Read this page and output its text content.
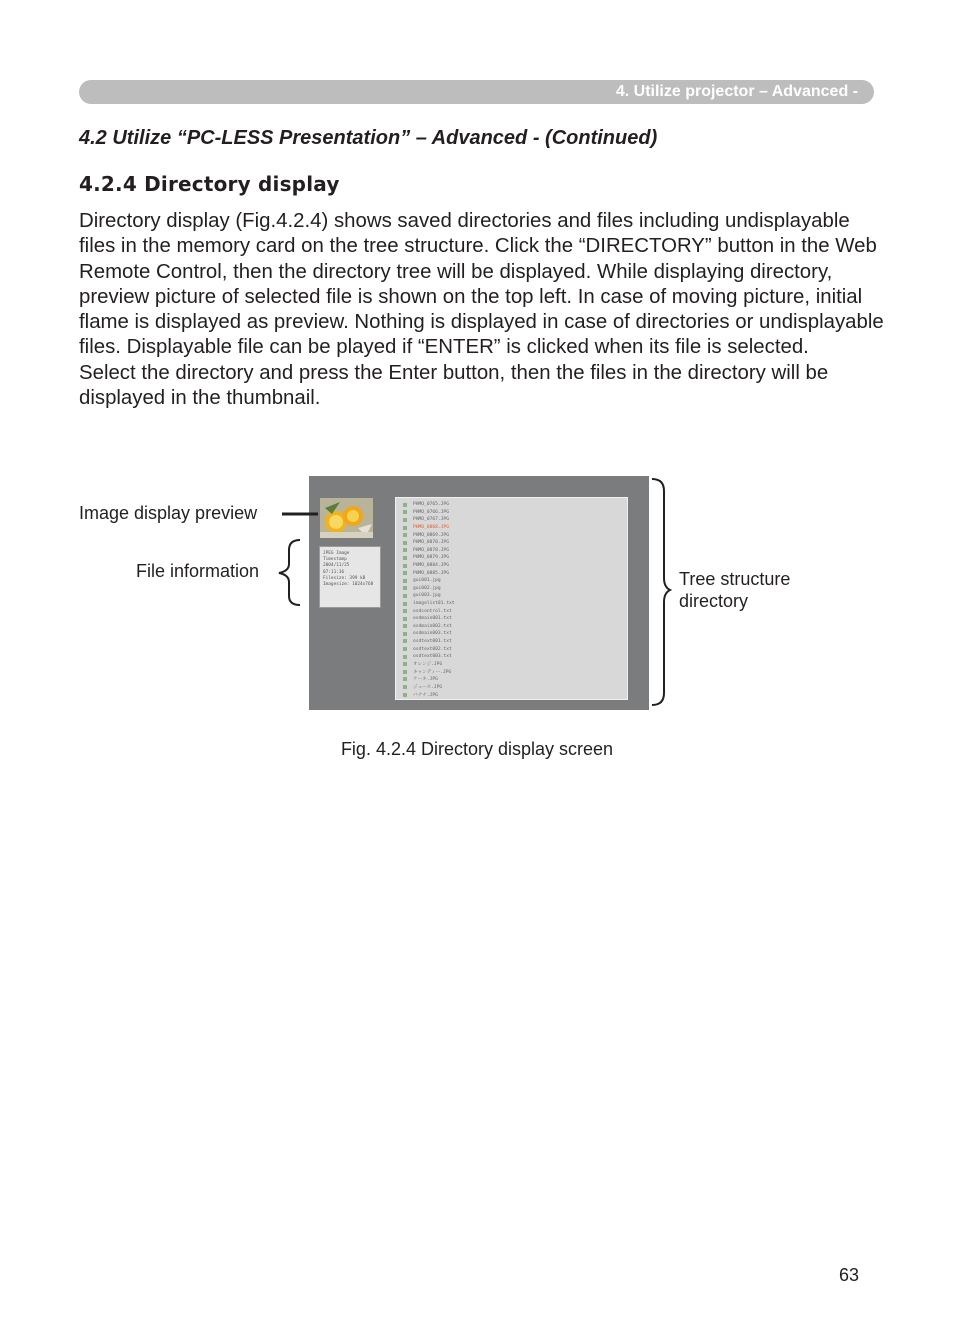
4. Utilize projector – Advanced -
4.2 Utilize “PC-LESS Presentation” – Advanced - (Continued)
4.2.4 Directory display

Directory display (Fig.4.2.4) shows saved directories and files including undisplayable files in the memory card on the tree structure. Click the “DIRECTORY” button in the Web Remote Control, then the directory tree will be displayed. While displaying directory, preview picture of selected file is shown on the top left. In case of moving picture, initial flame is displayed as preview. Nothing is displayed in case of directories or undisplayable files. Displayable file can be played if “ENTER” is clicked when its file is selected.

Select the directory and press the Enter button, then the files in the directory will be displayed in the thumbnail.

JPEG Image
Timestamp
2004/11/25
07:11:36
Filesize: 399 kB
Imagesize: 1024x768
PHMO_0765.JPG
PHMO_0766.JPG
PHMO_0767.JPG
PHMO_0868.JPG
PHMO_0869.JPG
PHMO_0870.JPG
PHMO_0878.JPG
PHMO_0879.JPG
PHMO_0884.JPG
PHMO_0885.JPG
gui001.jpg
gui002.jpg
gui003.jpg
imagelist01.txt
osdcontrol.txt
osdmain001.txt
osdmain002.txt
osdmain003.txt
osdtext001.txt
osdtext002.txt
osdtext003.txt
オレンジ.JPG
キャンディー.JPG
ケーキ.JPG
ジュース.JPG
バナナ.JPG
Image display preview
File information	Tree structure
directory
Fig. 4.2.4 Directory display screen
63
